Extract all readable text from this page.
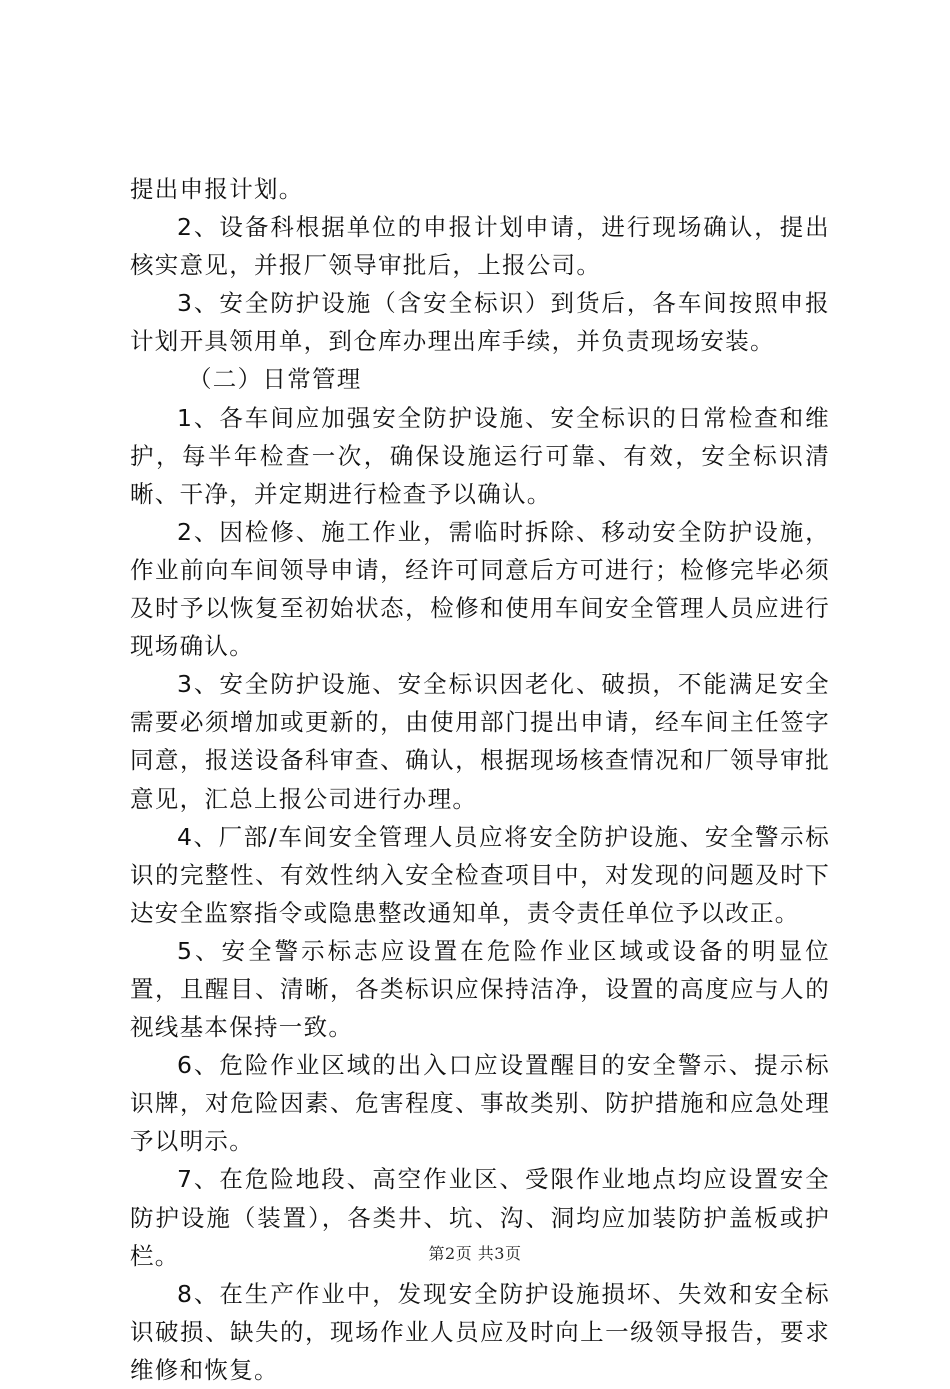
提出申报计划。

2、设备科根据单位的申报计划申请，进行现场确认，提出核实意见，并报厂领导审批后，上报公司。

3、安全防护设施（含安全标识）到货后，各车间按照申报计划开具领用单，到仓库办理出库手续，并负责现场安装。

（二）日常管理

1、各车间应加强安全防护设施、安全标识的日常检查和维护，每半年检查一次，确保设施运行可靠、有效，安全标识清晰、干净，并定期进行检查予以确认。

2、因检修、施工作业，需临时拆除、移动安全防护设施，作业前向车间领导申请，经许可同意后方可进行；检修完毕必须及时予以恢复至初始状态，检修和使用车间安全管理人员应进行现场确认。

3、安全防护设施、安全标识因老化、破损，不能满足安全需要必须增加或更新的，由使用部门提出申请，经车间主任签字同意，报送设备科审查、确认，根据现场核查情况和厂领导审批意见，汇总上报公司进行办理。

4、厂部/车间安全管理人员应将安全防护设施、安全警示标识的完整性、有效性纳入安全检查项目中，对发现的问题及时下达安全监察指令或隐患整改通知单，责令责任单位予以改正。

5、安全警示标志应设置在危险作业区域或设备的明显位置，且醒目、清晰，各类标识应保持洁净，设置的高度应与人的视线基本保持一致。

6、危险作业区域的出入口应设置醒目的安全警示、提示标识牌，对危险因素、危害程度、事故类别、防护措施和应急处理予以明示。

7、在危险地段、高空作业区、受限作业地点均应设置安全防护设施（装置），各类井、坑、沟、洞均应加装防护盖板或护栏。

8、在生产作业中，发现安全防护设施损坏、失效和安全标识破损、缺失的，现场作业人员应及时向上一级领导报告，要求维修和恢复。

第2页 共3页
